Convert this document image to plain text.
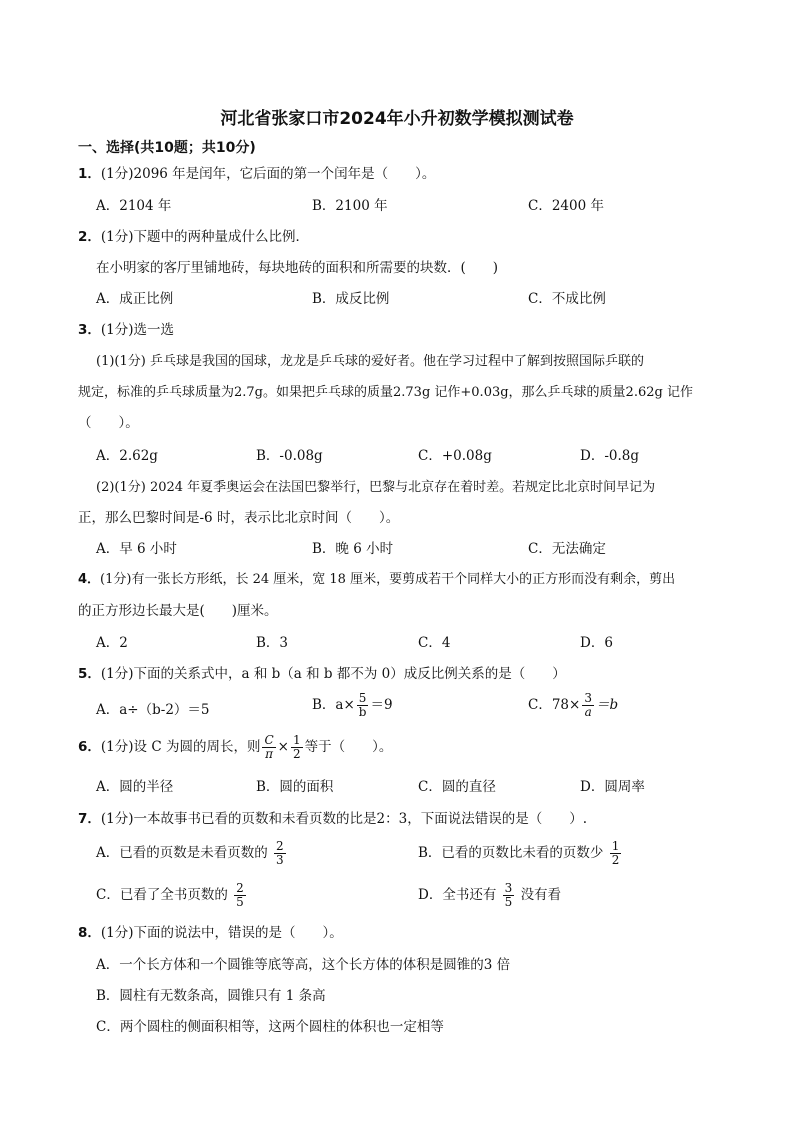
河北省张家口市2024年小升初数学模拟测试卷
一、选择(共10题；共10分)
1．(1分)2096 年是闰年，它后面的第一个闰年是（　　）。
A．2104 年	B．2100 年	C．2400 年
2．(1分)下题中的两种量成什么比例．
在小明家的客厅里铺地砖，每块地砖的面积和所需要的块数．(　　)
A．成正比例	B．成反比例	C．不成比例
3．(1分)选一选
(1)(1分) 乒乓球是我国的国球，龙龙是乒乓球的爱好者。他在学习过程中了解到按照国际乒联的
规定，标准的乒乓球质量为2.7g。如果把乒乓球的质量2.73g 记作+0.03g，那么乒乓球的质量2.62g 记作
（　　）。
A．2.62g	B．-0.08g	C．+0.08g	D．-0.8g
(2)(1分) 2024 年夏季奥运会在法国巴黎举行，巴黎与北京存在着时差。若规定比北京时间早记为
正，那么巴黎时间是-6 时，表示比北京时间（　　）。
A．早 6 小时	B．晚 6 小时	C．无法确定
4．(1分)有一张长方形纸，长 24 厘米，宽 18 厘米，要剪成若干个同样大小的正方形而没有剩余，剪出
的正方形边长最大是(　　)厘米。
A．2	B．3	C．4	D．6
5．(1分)下面的关系式中，a 和 b（a 和 b 都不为 0）成反比例关系的是（　　）
A．a÷（b-2）＝5	B．$a\times \frac{5}{b} =9$	C．$78\times \frac{3}{a} =b$
6．(1分)设 C 为圆的周长，则 $\frac{C}{\pi} \times \frac{1}{2}$ 等于（　　）。
A．圆的半径	B．圆的面积	C．圆的直径	D．圆周率
7．(1分)一本故事书已看的页数和未看页数的比是2：3，下面说法错误的是（　　）.
A．已看的页数是未看页数的 $\frac{2}{3}$	B．已看的页数比未看的页数少 $\frac{1}{2}$
C．已看了全书页数的 $\frac{2}{5}$	D．全书还有 $\frac{3}{5}$ 没有看
8．(1分)下面的说法中，错误的是（　　）。
A．一个长方体和一个圆锥等底等高，这个长方体的体积是圆锥的3 倍
B．圆柱有无数条高，圆锥只有 1 条高
C．两个圆柱的侧面积相等，这两个圆柱的体积也一定相等
